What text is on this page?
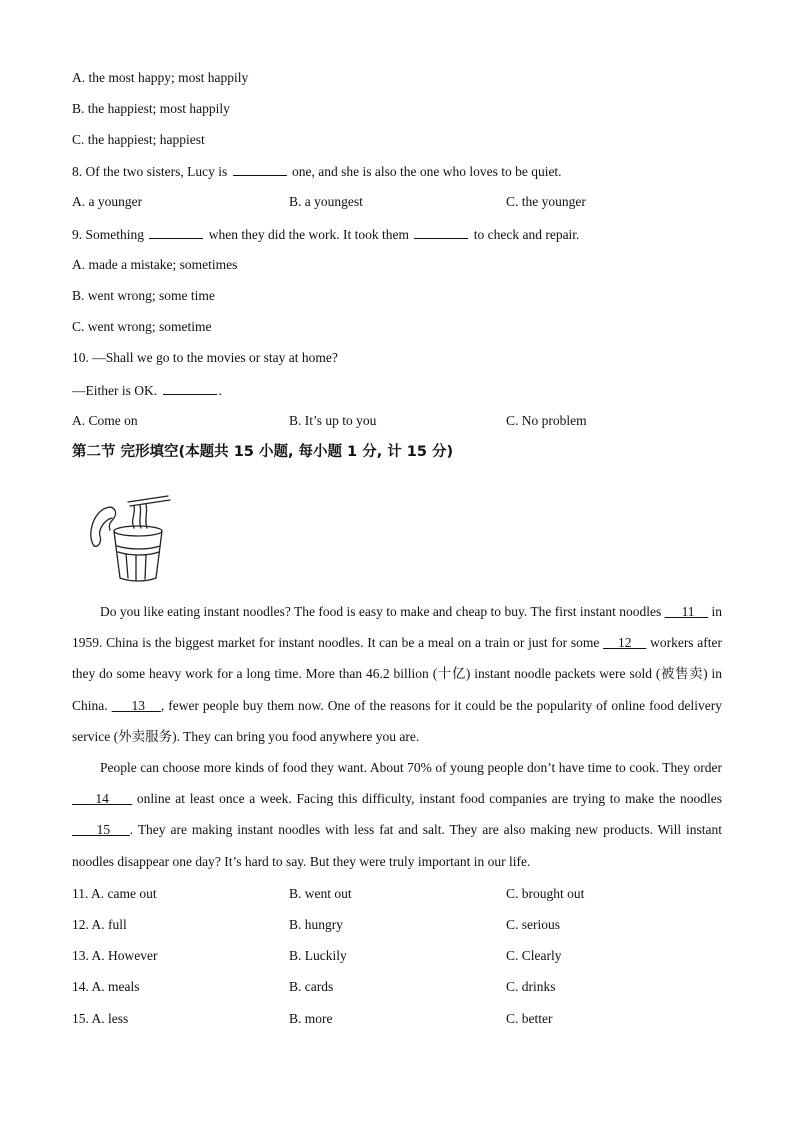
A. the most happy; most happily
B. the happiest; most happily
C. the happiest; happiest
8. Of the two sisters, Lucy is	one, and she is also the one who loves to be quiet.
A. a younger	B. a youngest	C. the younger
9. Something	when they did the work. It took them	to check and repair.
A. made a mistake; sometimes
B. went wrong; some time
C. went wrong; sometime
10. —Shall we go to the movies or stay at home?
—Either is OK.	.
A. Come on	B. It’s up to you	C. No problem
第二节 完形填空(本题共 15 小题, 每小题 1 分, 计 15 分)
Do you like eating instant noodles? The food is easy to make and cheap to buy. The first instant noodles 11 in 1959. China is the biggest market for instant noodles. It can be a meal on a train or just for some 12 workers after they do some heavy work for a long time. More than 46.2 billion (十亿) instant noodle packets were sold (被售卖) in China. 13 , fewer people buy them now. One of the reasons for it could be the popularity of online food delivery service (外卖服务). They can bring you food anywhere you are.
People can choose more kinds of food they want. About 70% of young people don’t have time to cook. They order      14 online at least once a week. Facing this difficulty, instant food companies are trying to make the noodles      15 . They are making instant noodles with less fat and salt. They are also making new products. Will instant noodles disappear one day? It’s hard to say. But they were truly important in our life.
11. A. came out	B. went out	C. brought out
12. A. full	B. hungry	C. serious
13. A. However	B. Luckily	C. Clearly
14. A. meals	B. cards	C. drinks
15. A. less	B. more	C. better
